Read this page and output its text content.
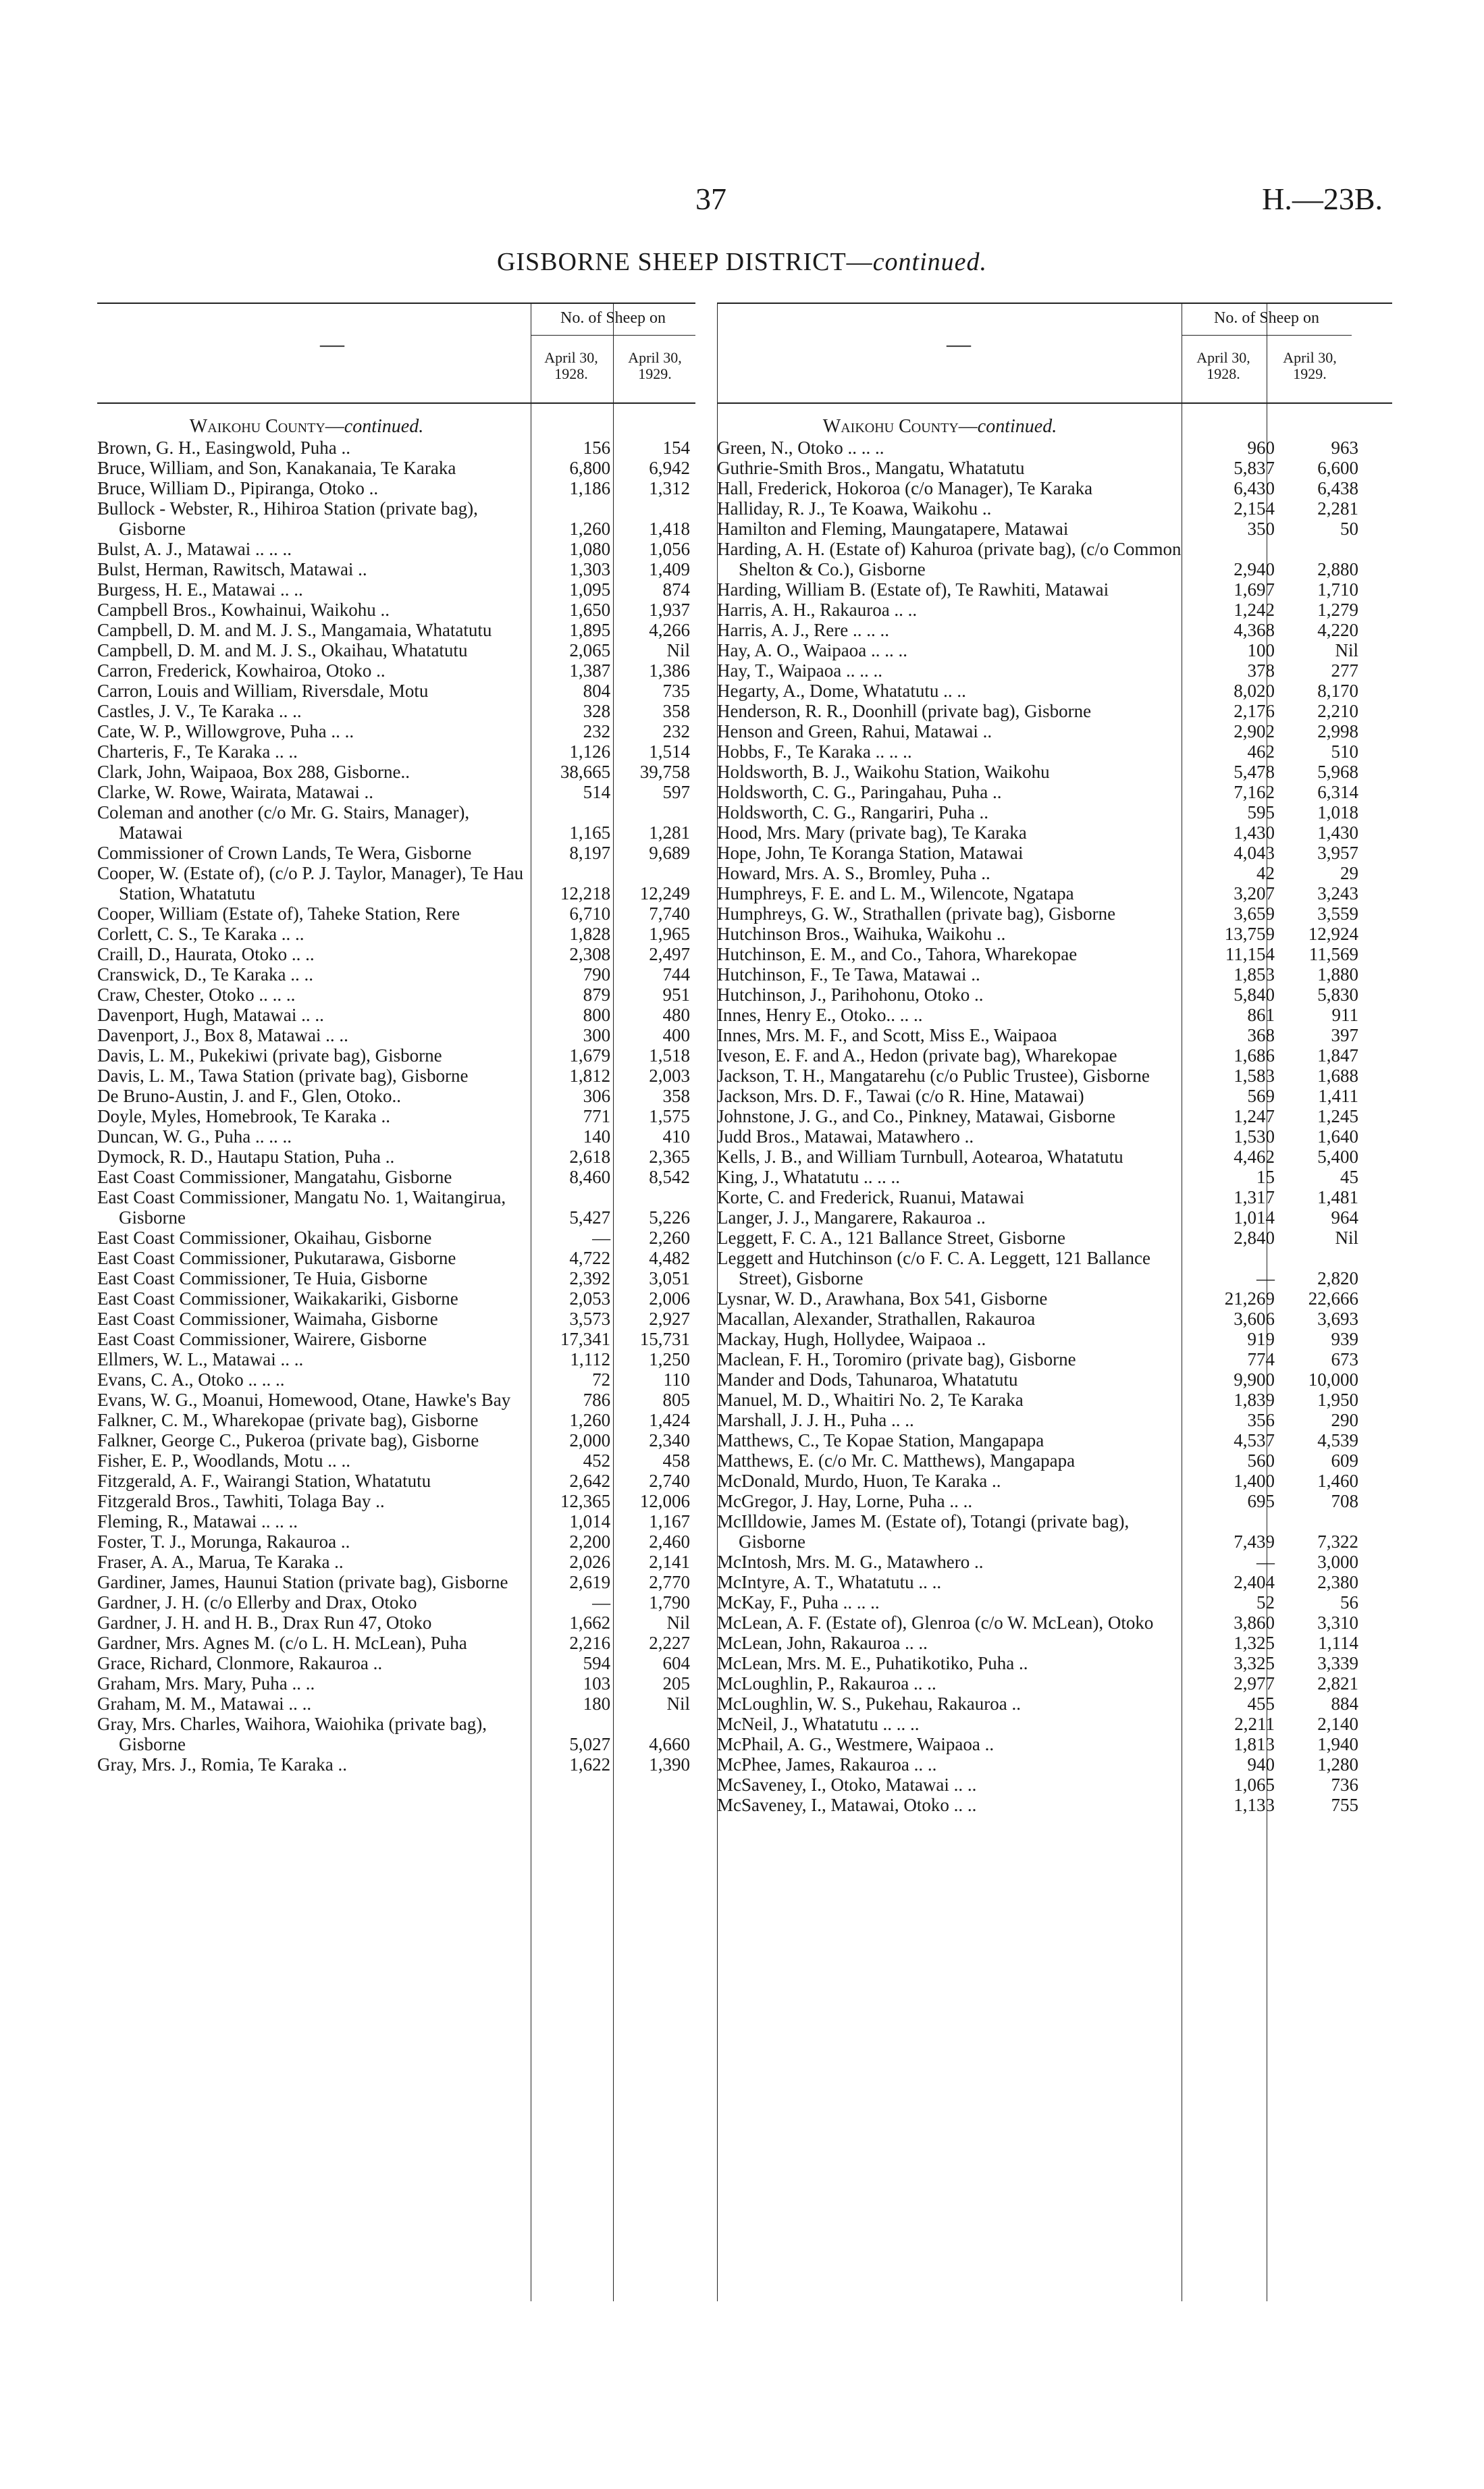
37	H.—23B.
GISBORNE SHEEP DISTRICT—continued.
—
No. of Sheep on
April 30, 1928.
April 30, 1929.
Waikohu County—continued.
Brown, G. H., Easingwold, Puha ..	156	154
Bruce, William, and Son, Kanakanaia, Te Karaka	6,800	6,942
Bruce, William D., Pipiranga, Otoko ..	1,186	1,312
Bullock - Webster, R., Hihiroa Station (private bag), Gisborne	1,260	1,418
Bulst, A. J., Matawai .. .. ..	1,080	1,056
Bulst, Herman, Rawitsch, Matawai ..	1,303	1,409
Burgess, H. E., Matawai .. ..	1,095	874
Campbell Bros., Kowhainui, Waikohu ..	1,650	1,937
Campbell, D. M. and M. J. S., Mangamaia, Whatatutu	1,895	4,266
Campbell, D. M. and M. J. S., Okaihau, Whatatutu	2,065	Nil
Carron, Frederick, Kowhairoa, Otoko ..	1,387	1,386
Carron, Louis and William, Riversdale, Motu	804	735
Castles, J. V., Te Karaka .. ..	328	358
Cate, W. P., Willowgrove, Puha .. ..	232	232
Charteris, F., Te Karaka .. ..	1,126	1,514
Clark, John, Waipaoa, Box 288, Gisborne..	38,665	39,758
Clarke, W. Rowe, Wairata, Matawai ..	514	597
Coleman and another (c/o Mr. G. Stairs, Manager), Matawai	1,165	1,281
Commissioner of Crown Lands, Te Wera, Gisborne	8,197	9,689
Cooper, W. (Estate of), (c/o P. J. Taylor, Manager), Te Hau Station, Whatatutu	12,218	12,249
Cooper, William (Estate of), Taheke Station, Rere	6,710	7,740
Corlett, C. S., Te Karaka .. ..	1,828	1,965
Craill, D., Haurata, Otoko .. ..	2,308	2,497
Cranswick, D., Te Karaka .. ..	790	744
Craw, Chester, Otoko .. .. ..	879	951
Davenport, Hugh, Matawai .. ..	800	480
Davenport, J., Box 8, Matawai .. ..	300	400
Davis, L. M., Pukekiwi (private bag), Gisborne	1,679	1,518
Davis, L. M., Tawa Station (private bag), Gisborne	1,812	2,003
De Bruno-Austin, J. and F., Glen, Otoko..	306	358
Doyle, Myles, Homebrook, Te Karaka ..	771	1,575
Duncan, W. G., Puha .. .. ..	140	410
Dymock, R. D., Hautapu Station, Puha ..	2,618	2,365
East Coast Commissioner, Mangatahu, Gisborne	8,460	8,542
East Coast Commissioner, Mangatu No. 1, Waitangirua, Gisborne	5,427	5,226
East Coast Commissioner, Okaihau, Gisborne	—	2,260
East Coast Commissioner, Pukutarawa, Gisborne	4,722	4,482
East Coast Commissioner, Te Huia, Gisborne	2,392	3,051
East Coast Commissioner, Waikakariki, Gisborne	2,053	2,006
East Coast Commissioner, Waimaha, Gisborne	3,573	2,927
East Coast Commissioner, Wairere, Gisborne	17,341	15,731
Ellmers, W. L., Matawai .. ..	1,112	1,250
Evans, C. A., Otoko .. .. ..	72	110
Evans, W. G., Moanui, Homewood, Otane, Hawke's Bay	786	805
Falkner, C. M., Wharekopae (private bag), Gisborne	1,260	1,424
Falkner, George C., Pukeroa (private bag), Gisborne	2,000	2,340
Fisher, E. P., Woodlands, Motu .. ..	452	458
Fitzgerald, A. F., Wairangi Station, Whatatutu	2,642	2,740
Fitzgerald Bros., Tawhiti, Tolaga Bay ..	12,365	12,006
Fleming, R., Matawai .. .. ..	1,014	1,167
Foster, T. J., Morunga, Rakauroa ..	2,200	2,460
Fraser, A. A., Marua, Te Karaka ..	2,026	2,141
Gardiner, James, Haunui Station (private bag), Gisborne	2,619	2,770
Gardner, J. H. (c/o Ellerby and Drax, Otoko	—	1,790
Gardner, J. H. and H. B., Drax Run 47, Otoko	1,662	Nil
Gardner, Mrs. Agnes M. (c/o L. H. McLean), Puha	2,216	2,227
Grace, Richard, Clonmore, Rakauroa ..	594	604
Graham, Mrs. Mary, Puha .. ..	103	205
Graham, M. M., Matawai .. ..	180	Nil
Gray, Mrs. Charles, Waihora, Waiohika (private bag), Gisborne	5,027	4,660
Gray, Mrs. J., Romia, Te Karaka ..	1,622	1,390
—
No. of Sheep on
April 30, 1928.
April 30, 1929.
Waikohu County—continued.
Green, N., Otoko .. .. ..	960	963
Guthrie-Smith Bros., Mangatu, Whatatutu	5,837	6,600
Hall, Frederick, Hokoroa (c/o Manager), Te Karaka	6,430	6,438
Halliday, R. J., Te Koawa, Waikohu ..	2,154	2,281
Hamilton and Fleming, Maungatapere, Matawai	350	50
Harding, A. H. (Estate of) Kahuroa (private bag), (c/o Common Shelton & Co.), Gisborne	2,940	2,880
Harding, William B. (Estate of), Te Rawhiti, Matawai	1,697	1,710
Harris, A. H., Rakauroa .. ..	1,242	1,279
Harris, A. J., Rere .. .. ..	4,368	4,220
Hay, A. O., Waipaoa .. .. ..	100	Nil
Hay, T., Waipaoa .. .. ..	378	277
Hegarty, A., Dome, Whatatutu .. ..	8,020	8,170
Henderson, R. R., Doonhill (private bag), Gisborne	2,176	2,210
Henson and Green, Rahui, Matawai ..	2,902	2,998
Hobbs, F., Te Karaka .. .. ..	462	510
Holdsworth, B. J., Waikohu Station, Waikohu	5,478	5,968
Holdsworth, C. G., Paringahau, Puha ..	7,162	6,314
Holdsworth, C. G., Rangariri, Puha ..	595	1,018
Hood, Mrs. Mary (private bag), Te Karaka	1,430	1,430
Hope, John, Te Koranga Station, Matawai	4,043	3,957
Howard, Mrs. A. S., Bromley, Puha ..	42	29
Humphreys, F. E. and L. M., Wilencote, Ngatapa	3,207	3,243
Humphreys, G. W., Strathallen (private bag), Gisborne	3,659	3,559
Hutchinson Bros., Waihuka, Waikohu ..	13,759	12,924
Hutchinson, E. M., and Co., Tahora, Wharekopae	11,154	11,569
Hutchinson, F., Te Tawa, Matawai ..	1,853	1,880
Hutchinson, J., Parihohonu, Otoko ..	5,840	5,830
Innes, Henry E., Otoko.. .. ..	861	911
Innes, Mrs. M. F., and Scott, Miss E., Waipaoa	368	397
Iveson, E. F. and A., Hedon (private bag), Wharekopae	1,686	1,847
Jackson, T. H., Mangatarehu (c/o Public Trustee), Gisborne	1,583	1,688
Jackson, Mrs. D. F., Tawai (c/o R. Hine, Matawai)	569	1,411
Johnstone, J. G., and Co., Pinkney, Matawai, Gisborne	1,247	1,245
Judd Bros., Matawai, Matawhero ..	1,530	1,640
Kells, J. B., and William Turnbull, Aotearoa, Whatatutu	4,462	5,400
King, J., Whatatutu .. .. ..	15	45
Korte, C. and Frederick, Ruanui, Matawai	1,317	1,481
Langer, J. J., Mangarere, Rakauroa ..	1,014	964
Leggett, F. C. A., 121 Ballance Street, Gisborne	2,840	Nil
Leggett and Hutchinson (c/o F. C. A. Leggett, 121 Ballance Street), Gisborne	—	2,820
Lysnar, W. D., Arawhana, Box 541, Gisborne	21,269	22,666
Macallan, Alexander, Strathallen, Rakauroa	3,606	3,693
Mackay, Hugh, Hollydee, Waipaoa ..	919	939
Maclean, F. H., Toromiro (private bag), Gisborne	774	673
Mander and Dods, Tahunaroa, Whatatutu	9,900	10,000
Manuel, M. D., Whaitiri No. 2, Te Karaka	1,839	1,950
Marshall, J. J. H., Puha .. ..	356	290
Matthews, C., Te Kopae Station, Mangapapa	4,537	4,539
Matthews, E. (c/o Mr. C. Matthews), Mangapapa	560	609
McDonald, Murdo, Huon, Te Karaka ..	1,400	1,460
McGregor, J. Hay, Lorne, Puha .. ..	695	708
McIlldowie, James M. (Estate of), Totangi (private bag), Gisborne	7,439	7,322
McIntosh, Mrs. M. G., Matawhero ..	—	3,000
McIntyre, A. T., Whatatutu .. ..	2,404	2,380
McKay, F., Puha .. .. ..	52	56
McLean, A. F. (Estate of), Glenroa (c/o W. McLean), Otoko	3,860	3,310
McLean, John, Rakauroa .. ..	1,325	1,114
McLean, Mrs. M. E., Puhatikotiko, Puha ..	3,325	3,339
McLoughlin, P., Rakauroa .. ..	2,977	2,821
McLoughlin, W. S., Pukehau, Rakauroa ..	455	884
McNeil, J., Whatatutu .. .. ..	2,211	2,140
McPhail, A. G., Westmere, Waipaoa ..	1,813	1,940
McPhee, James, Rakauroa .. ..	940	1,280
McSaveney, I., Otoko, Matawai .. ..	1,065	736
McSaveney, I., Matawai, Otoko .. ..	1,133	755
